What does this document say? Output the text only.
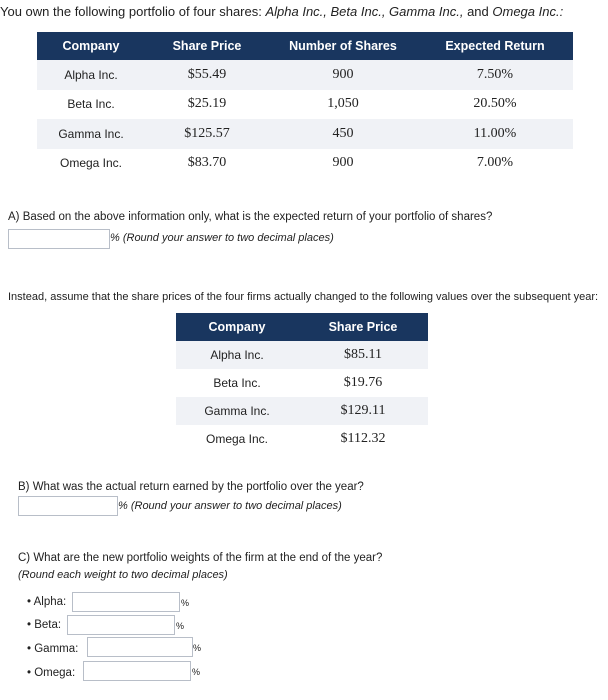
You own the following portfolio of four shares: Alpha Inc., Beta Inc., Gamma Inc., and Omega Inc.:
Company	Share Price	Number of Shares	Expected Return
Alpha Inc.	$55.49	900	7.50%
Beta Inc.	$25.19	1,050	20.50%
Gamma Inc.	$125.57	450	11.00%
Omega Inc.	$83.70	900	7.00%
A) Based on the above information only, what is the expected return of your portfolio of shares?
% (Round your answer to two decimal places)
Instead, assume that the share prices of the four firms actually changed to the following values over the subsequent year:
Company	Share Price
Alpha Inc.	$85.11
Beta Inc.	$19.76
Gamma Inc.	$129.11
Omega Inc.	$112.32
B) What was the actual return earned by the portfolio over the year?
% (Round your answer to two decimal places)
C) What are the new portfolio weights of the firm at the end of the year?
(Round each weight to two decimal places)
• Alpha:	%
• Beta:	%
• Gamma:	%
• Omega:	%
